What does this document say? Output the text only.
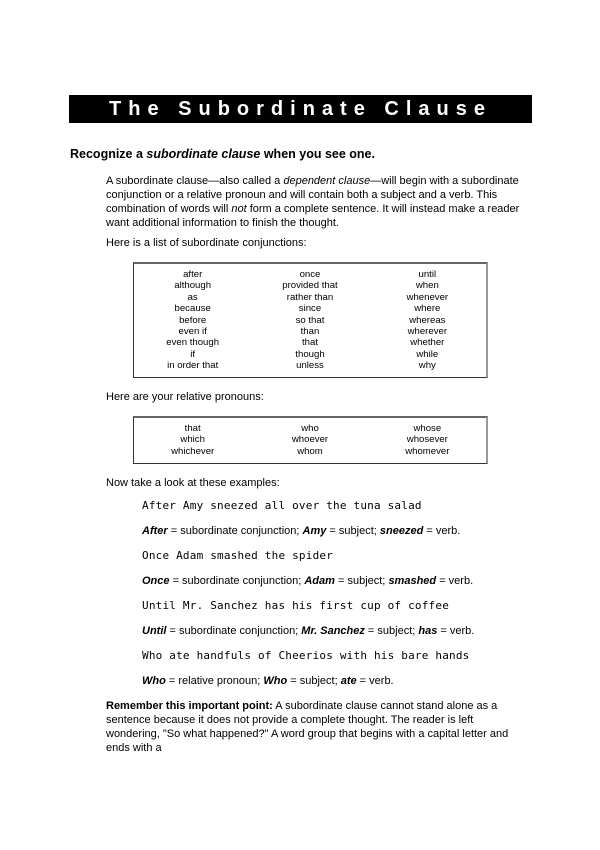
The Subordinate Clause
Recognize a subordinate clause when you see one.
A subordinate clause—also called a dependent clause—will begin with a subordinate conjunction or a relative pronoun and will contain both a subject and a verb. This combination of words will not form a complete sentence. It will instead make a reader want additional information to finish the thought.
Here is a list of subordinate conjunctions:
after
although
as
because
before
even if
even though
if
in order that
once
provided that
rather than
since
so that
than
that
though
unless
until
when
whenever
where
whereas
wherever
whether
while
why
Here are your relative pronouns:
that
which
whichever
who
whoever
whom
whose
whosever
whomever
Now take a look at these examples:
After Amy sneezed all over the tuna salad
After = subordinate conjunction; Amy = subject; sneezed = verb.
Once Adam smashed the spider
Once = subordinate conjunction; Adam = subject; smashed = verb.
Until Mr. Sanchez has his first cup of coffee
Until = subordinate conjunction; Mr. Sanchez = subject; has = verb.
Who ate handfuls of Cheerios with his bare hands
Who = relative pronoun; Who = subject; ate = verb.
Remember this important point: A subordinate clause cannot stand alone as a sentence because it does not provide a complete thought. The reader is left wondering, "So what happened?" A word group that begins with a capital letter and ends with a
